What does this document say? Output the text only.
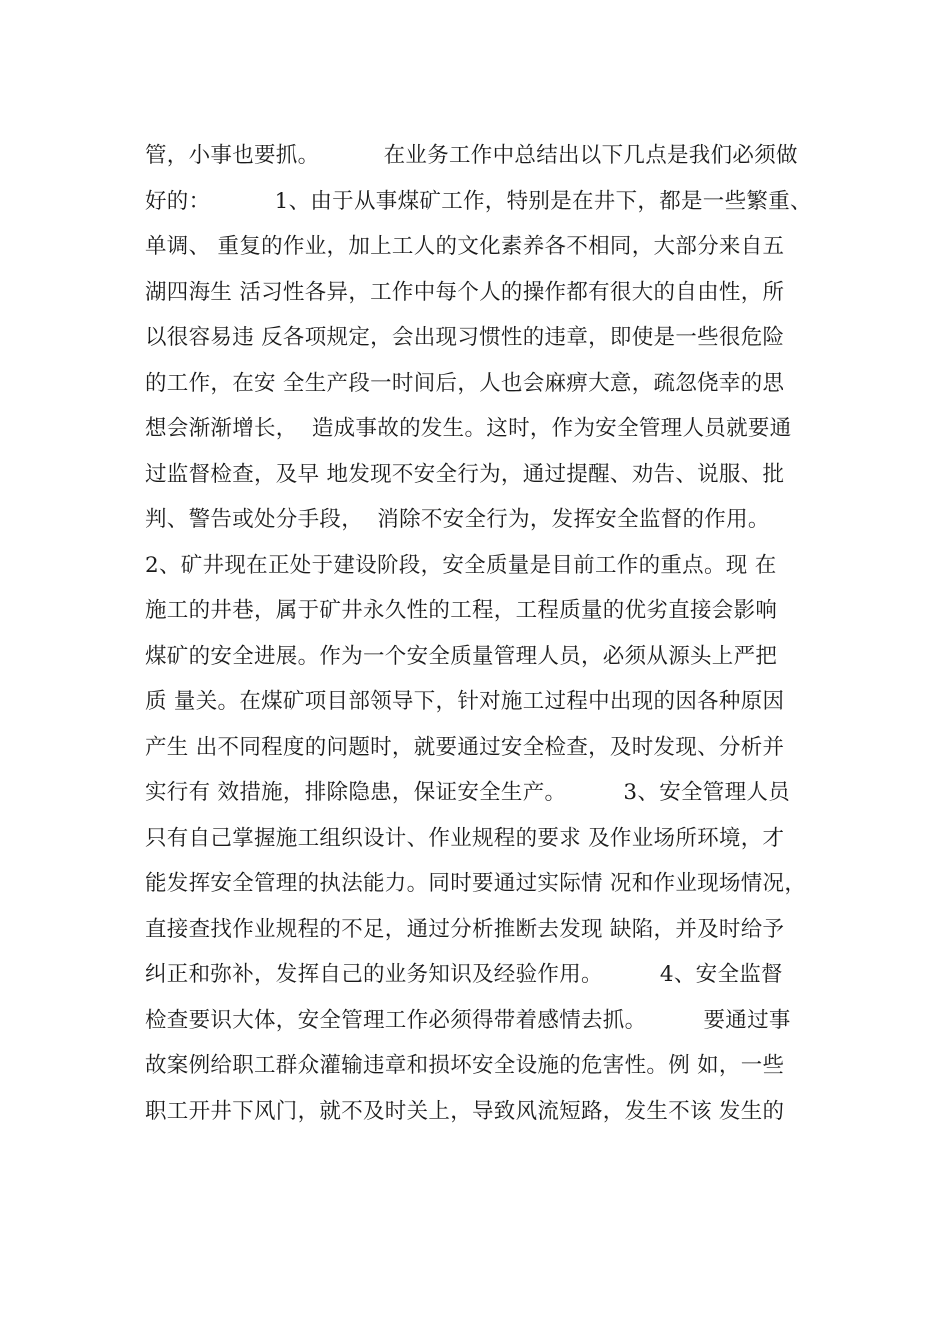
管，小事也要抓。         在业务工作中总结出以下几点是我们必须做
好的：         1、由于从事煤矿工作，特别是在井下，都是一些繁重、
单调、 重复的作业，加上工人的文化素养各不相同，大部分来自五
湖四海生 活习性各异，工作中每个人的操作都有很大的自由性，所
以很容易违 反各项规定，会出现习惯性的违章，即使是一些很危险
的工作，在安 全生产段一时间后，人也会麻痹大意，疏忽侥幸的思
想会渐渐增长，  造成事故的发生。这时，作为安全管理人员就要通
过监督检查，及早 地发现不安全行为，通过提醒、劝告、说服、批
判、警告或处分手段，  消除不安全行为，发挥安全监督的作用。
2、矿井现在正处于建设阶段，安全质量是目前工作的重点。现 在
施工的井巷，属于矿井永久性的工程，工程质量的优劣直接会影响
煤矿的安全进展。作为一个安全质量管理人员，必须从源头上严把
质 量关。在煤矿项目部领导下，针对施工过程中出现的因各种原因
产生 出不同程度的问题时，就要通过安全检查，及时发现、分析并
实行有 效措施，排除隐患，保证安全生产。        3、安全管理人员
只有自己掌握施工组织设计、作业规程的要求 及作业场所环境，才
能发挥安全管理的执法能力。同时要通过实际情 况和作业现场情况，
直接查找作业规程的不足，通过分析推断去发现 缺陷，并及时给予
纠正和弥补，发挥自己的业务知识及经验作用。        4、安全监督
检查要识大体，安全管理工作必须得带着感情去抓。        要通过事
故案例给职工群众灌输违章和损坏安全设施的危害性。例 如，一些
职工开井下风门，就不及时关上，导致风流短路，发生不该 发生的
